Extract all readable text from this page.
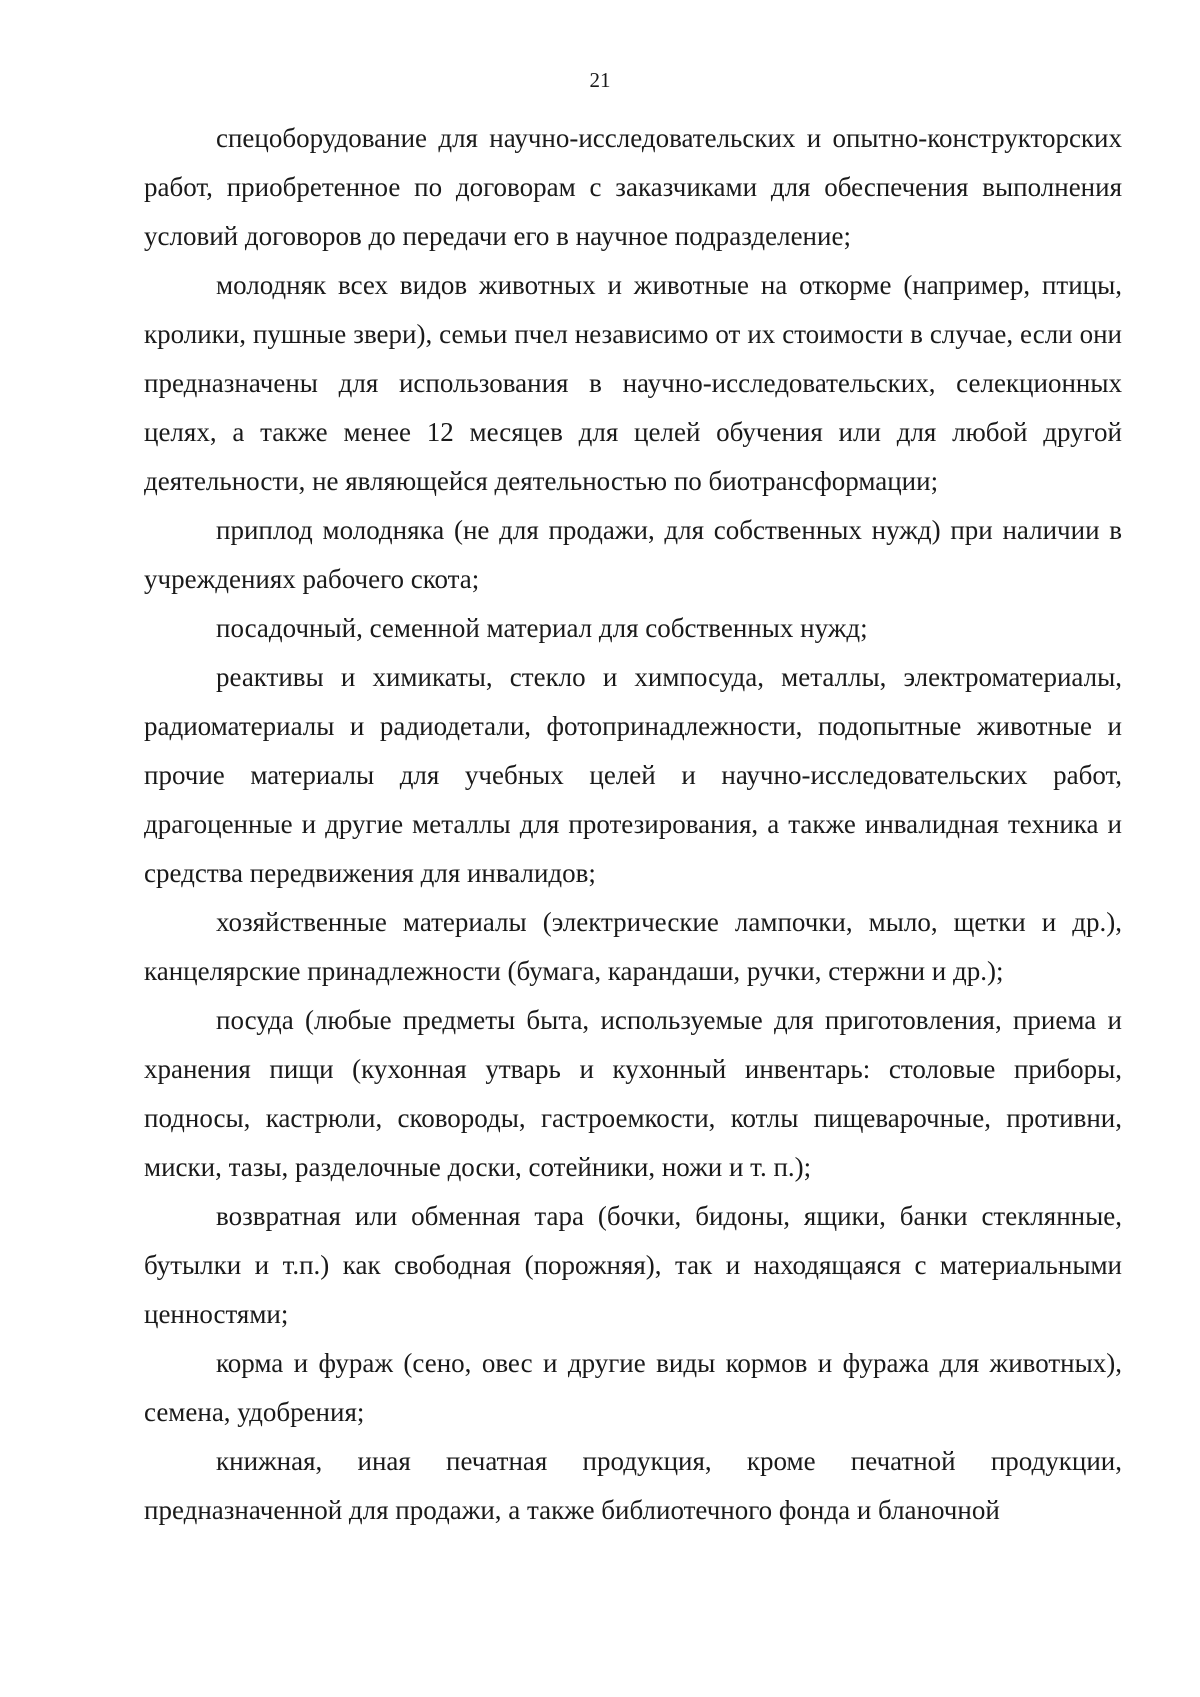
21

спецоборудование для научно-исследовательских и опытно-конструкторских работ, приобретенное по договорам с заказчиками для обеспечения выполнения условий договоров до передачи его в научное подразделение;

молодняк всех видов животных и животные на откорме (например, птицы, кролики, пушные звери), семьи пчел независимо от их стоимости в случае, если они предназначены для использования в научно-исследовательских, селекционных целях, а также менее 12 месяцев для целей обучения или для любой другой деятельности, не являющейся деятельностью по биотрансформации;

приплод молодняка (не для продажи, для собственных нужд) при наличии в учреждениях рабочего скота;

посадочный, семенной материал для собственных нужд;

реактивы и химикаты, стекло и химпосуда, металлы, электроматериалы, радиоматериалы и радиодетали, фотопринадлежности, подопытные животные и прочие материалы для учебных целей и научно-исследовательских работ, драгоценные и другие металлы для протезирования, а также инвалидная техника и средства передвижения для инвалидов;

хозяйственные материалы (электрические лампочки, мыло, щетки и др.), канцелярские принадлежности (бумага, карандаши, ручки, стержни и др.);

посуда (любые предметы быта, используемые для приготовления, приема и хранения пищи (кухонная утварь и кухонный инвентарь: столовые приборы, подносы, кастрюли, сковороды, гастроемкости, котлы пищеварочные, противни, миски, тазы, разделочные доски, сотейники, ножи и т. п.);

возвратная или обменная тара (бочки, бидоны, ящики, банки стеклянные, бутылки и т.п.) как свободная (порожняя), так и находящаяся с материальными ценностями;

корма и фураж (сено, овес и другие виды кормов и фуража для животных), семена, удобрения;

книжная, иная печатная продукция, кроме печатной продукции, предназначенной для продажи, а также библиотечного фонда и бланочной
